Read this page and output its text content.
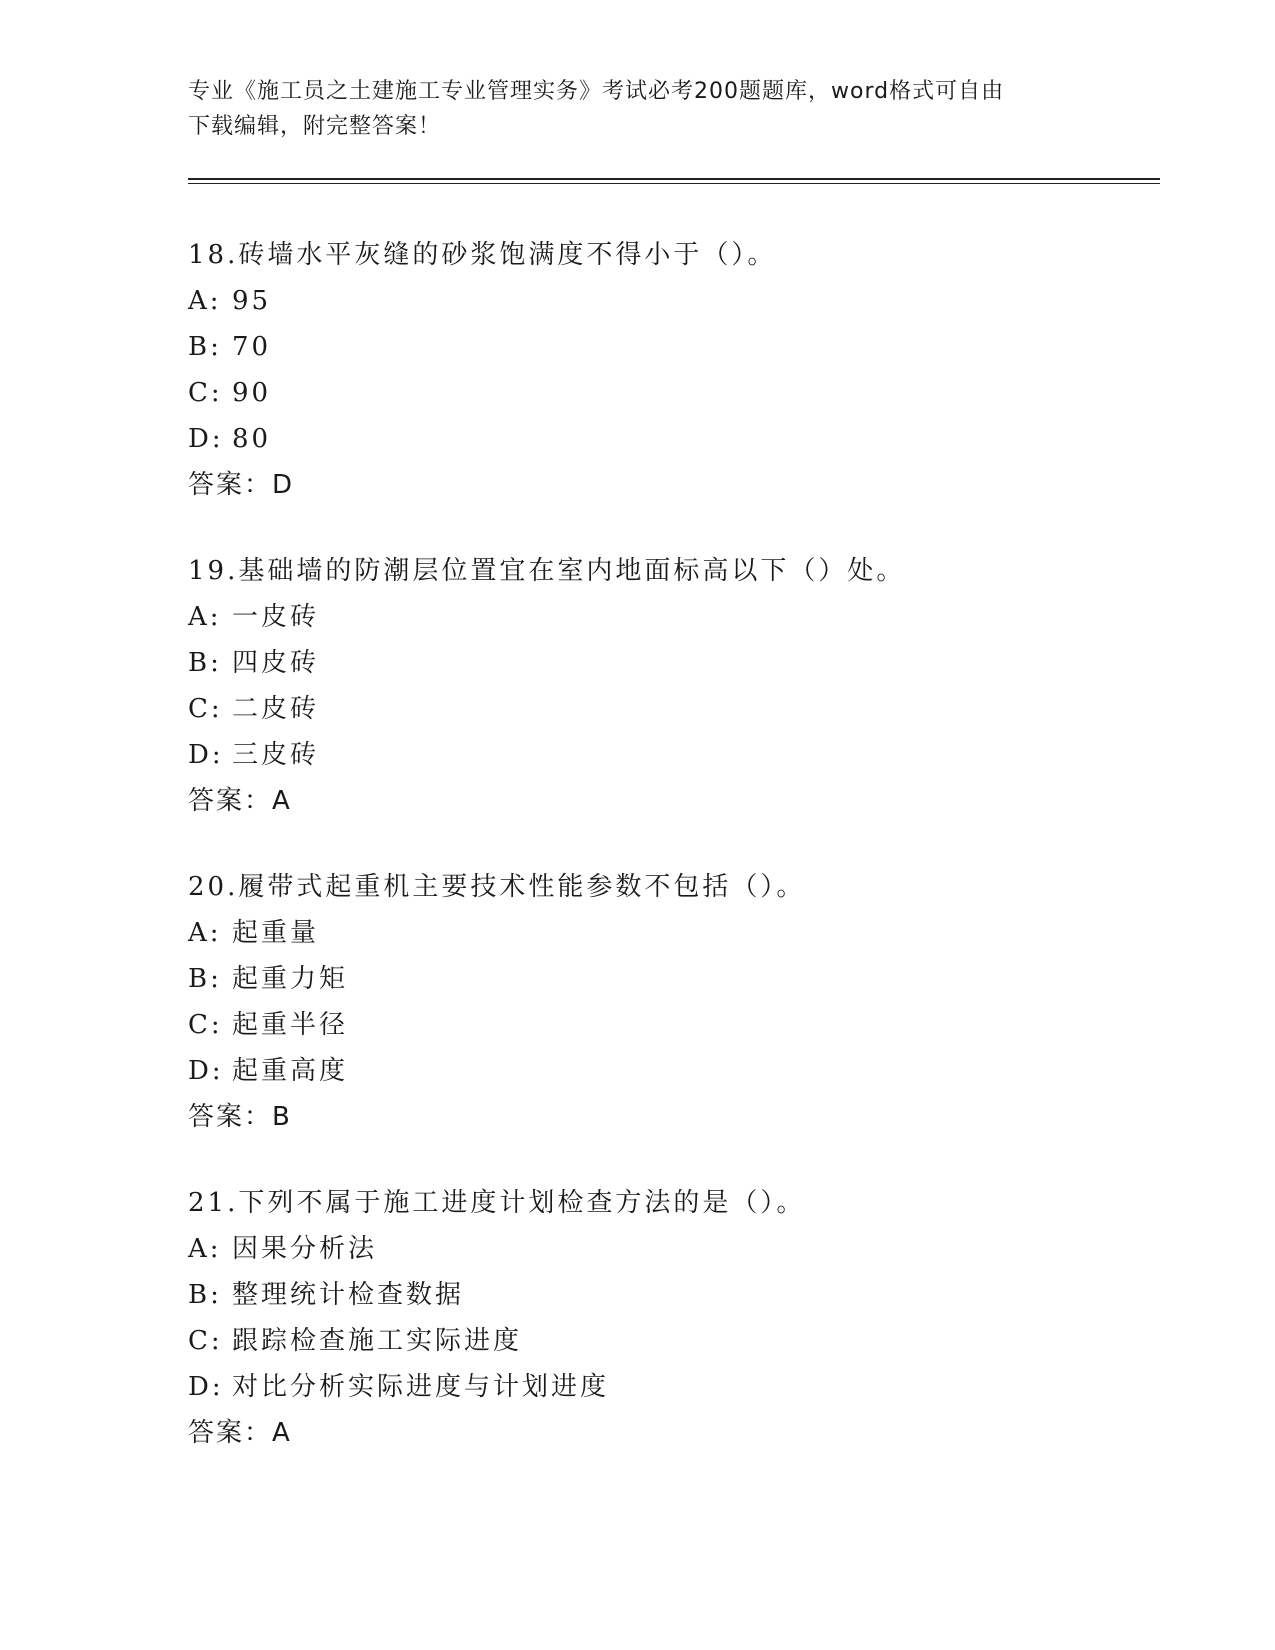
专业《施工员之土建施工专业管理实务》考试必考200题题库，word格式可自由
下载编辑，附完整答案！
18.砖墙水平灰缝的砂浆饱满度不得小于（）。
A: 95
B: 70
C: 90
D: 80
答案：D
19.基础墙的防潮层位置宜在室内地面标高以下（）处。
A: 一皮砖
B: 四皮砖
C: 二皮砖
D: 三皮砖
答案：A
20.履带式起重机主要技术性能参数不包括（）。
A: 起重量
B: 起重力矩
C: 起重半径
D: 起重高度
答案：B
21.下列不属于施工进度计划检查方法的是（）。
A: 因果分析法
B: 整理统计检查数据
C: 跟踪检查施工实际进度
D: 对比分析实际进度与计划进度
答案：A
